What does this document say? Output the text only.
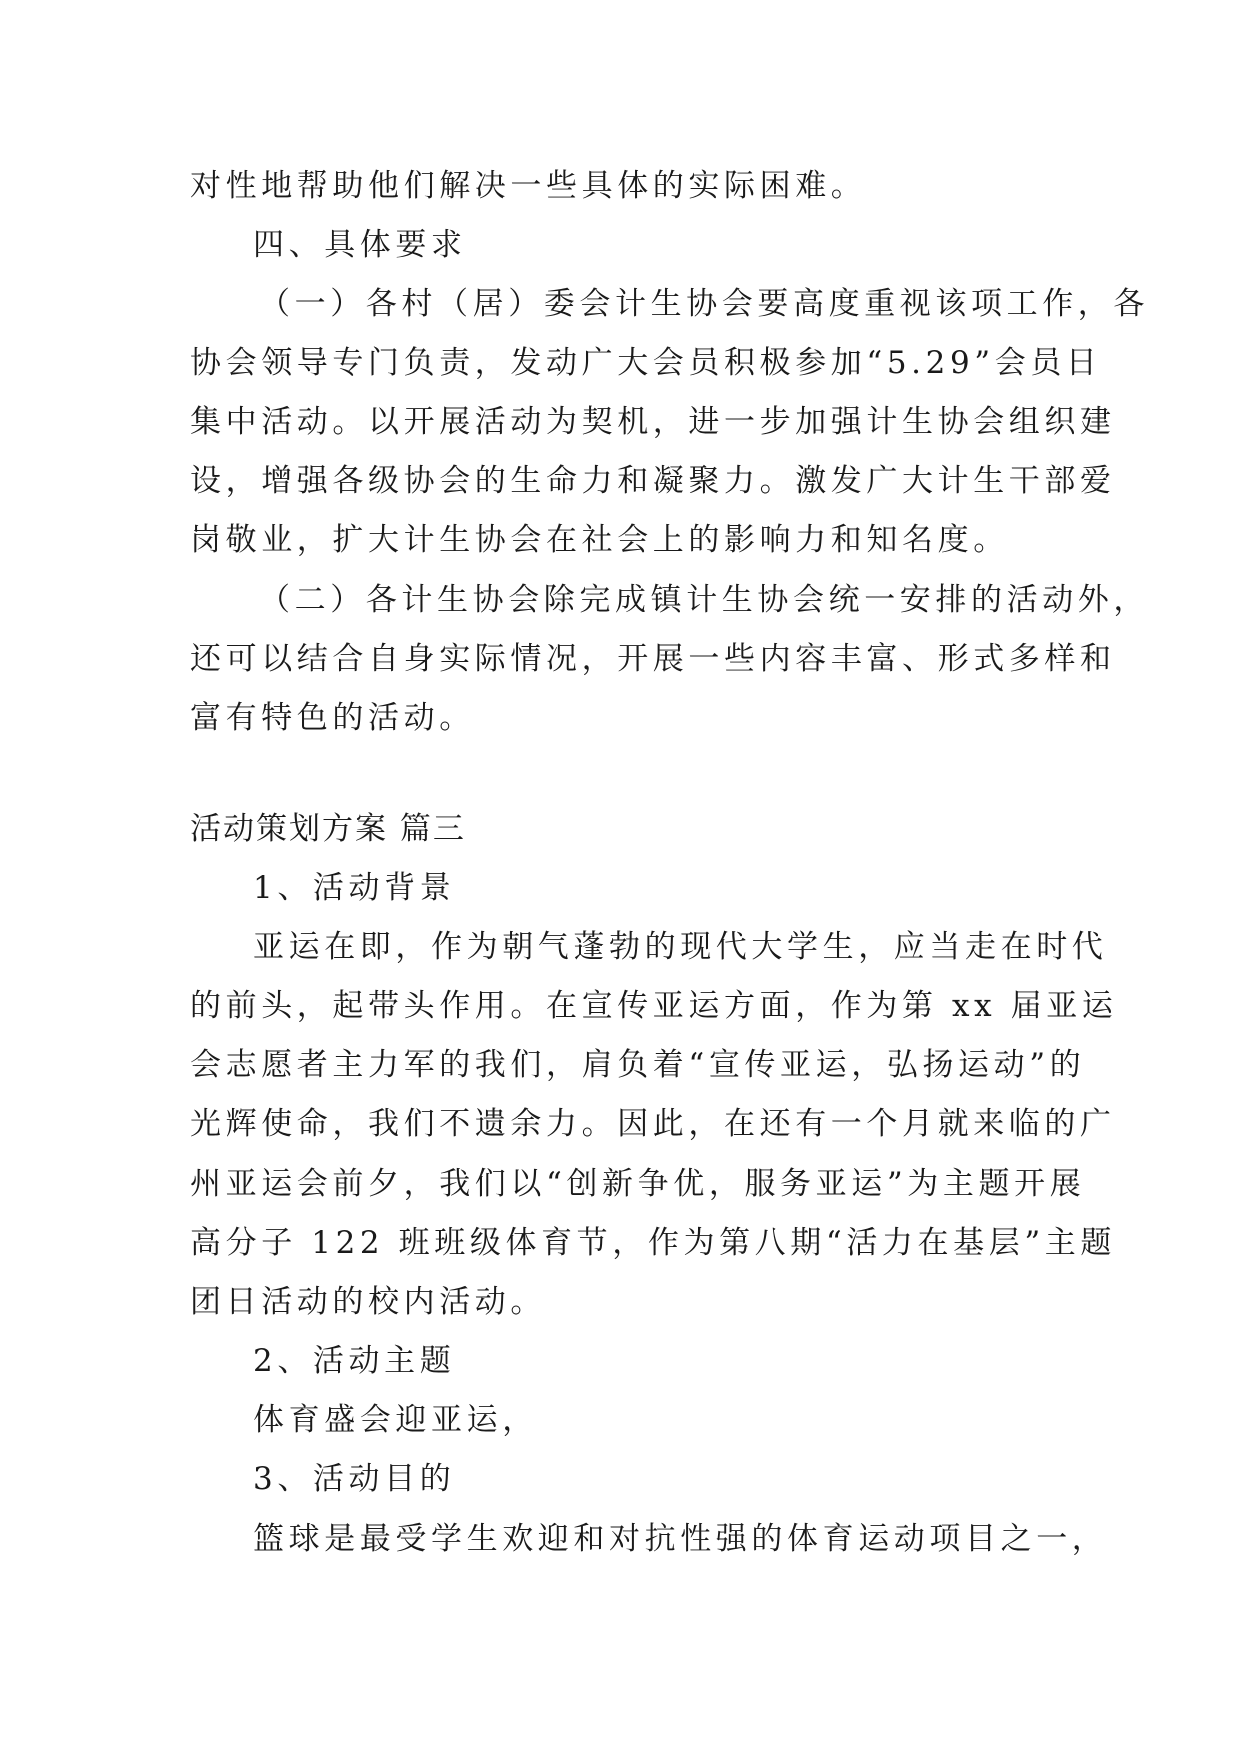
对性地帮助他们解决一些具体的实际困难。
四、具体要求
（一）各村（居）委会计生协会要高度重视该项工作，各
协会领导专门负责，发动广大会员积极参加“5.29”会员日
集中活动。以开展活动为契机，进一步加强计生协会组织建
设，增强各级协会的生命力和凝聚力。激发广大计生干部爱
岗敬业，扩大计生协会在社会上的影响力和知名度。
（二）各计生协会除完成镇计生协会统一安排的活动外，
还可以结合自身实际情况，开展一些内容丰富、形式多样和
富有特色的活动。
活动策划方案 篇三
1、活动背景
亚运在即，作为朝气蓬勃的现代大学生，应当走在时代
的前头，起带头作用。在宣传亚运方面，作为第 xx 届亚运
会志愿者主力军的我们，肩负着“宣传亚运，弘扬运动”的
光辉使命，我们不遗余力。因此，在还有一个月就来临的广
州亚运会前夕，我们以“创新争优，服务亚运”为主题开展
高分子 122 班班级体育节，作为第八期“活力在基层”主题
团日活动的校内活动。
2、活动主题
体育盛会迎亚运，
3、活动目的
篮球是最受学生欢迎和对抗性强的体育运动项目之一，
